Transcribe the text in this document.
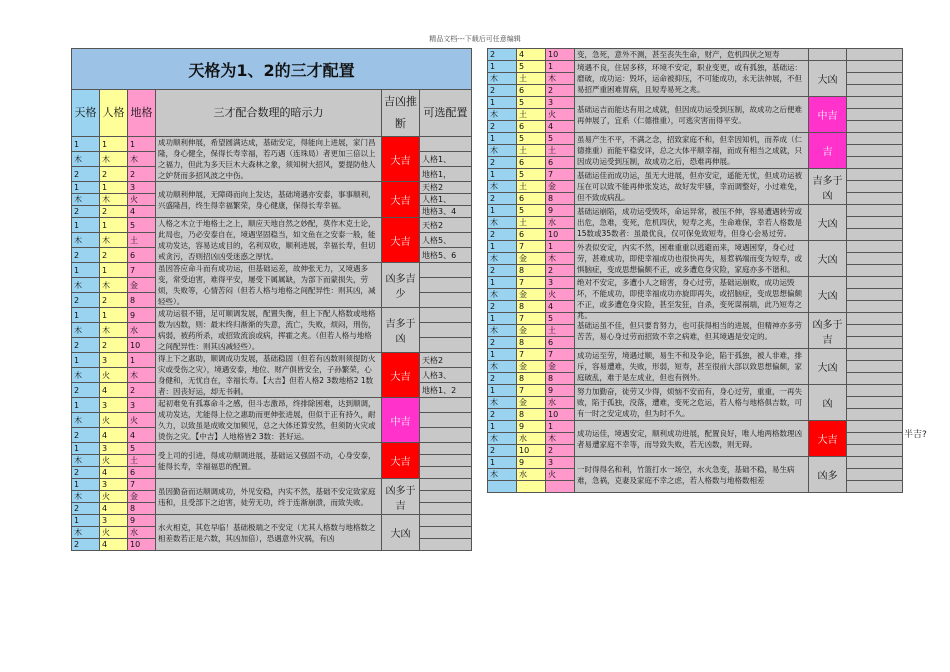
精品文档---下载后可任意编辑
天格为1、2的三才配置					
天格	人格	地格	三才配合数理的暗示力	吉凶推断	可选配置
1	1	1	成功顺利伸展，希望圆满达成，基础安定，得能向上进展，家门昌隆，身心健全，保得长寿幸福，若巧遇（连珠局）者更加三倍以上之福力，但此为多天巨木大森林之象，须知树大招风，要提防他人之妒贤而多招风波之中伤。	大吉	
木	木	木			人格1、
2	2	2			地格1，
1	1	3	成功顺利伸展，无障碍而向上发达，基础境遇亦安泰，事事顺利，兴盛隆昌，终生得幸福繁荣，身心健康，保得长寿幸福。	大吉	天格2
木	木	火			人格1、
2	2	4			地格3、4
1	1	5	人格之木立于地格土之上，顺应天地自然之妙配，莫作木克土论，此局也，乃必安泰自在，境遇坚固稳当，如文鱼在之安泰一般，能成功发达，容易达成目的，名利双收，顺利进展，幸福长寿，但切戒贪污，否则招凶凶受迷惑之厚忧。	大吉	天格2
木	木	土			人格5、
2	2	6			地格5、6
1	1	7	虽因答应命斗而有成功运，但基础运差，故伸张无力，又境遇多变，常受迫害，难得平安，屡受下属属缺，为部下而蒙损失，劳烦，失败等，心情苦闷（但若人格与地格之间配异性：则其凶，减轻些）。	凶多吉少	
木	木	金			
2	2	8			
1	1	9	成功运很不错，足可顺调发展，配置失衡，但上下配人格数或地格数为凶数，则：最末终归渐渐的失意，流亡，失败，烦闷，刑伤，病弱，被药所杀，或招致流浪或病，挥霍之兆。（但若人格与地格之间配异性：则其凶减轻些）。	吉多于凶	
木	木	水			
2	2	10			
1	3	1	得上下之惠助，顺调成功发展，基础稳固（但若有凶数则须提防火灾或受伤之灾），境遇安泰，地位、财产俱皆安全，子孙繁荣，心身健和，无忧自在，幸福长寿。【大吉】但若人格2 3数地格2 1数者：因丧好运，却无书刺。	大吉	天格2
木	火	木			人格3、
2	4	2			地格1、2
1	3	3	起初难免有孤寡命斗之感，但斗志激昂，终排除困难，达到顺调，成功发达，尤能得上位之惠助而更伸张进展，但似于正有持久，耐久力，以致虽是成败交加频见，总之大体还算安然，但须防火灾或烫伤之灾。【中吉】人地格皆2 3数：甚好运。	中吉	
木	火	火			
2	4	4			
1	3	5	受上司的引进，得成功顺调进展，基础运又强固不动，心身安泰，能得长寿，幸福福思的配置。	大吉	
木	火	土			
2	4	6			
1	3	7	虽因勤奋而达顺调成功，外见安稳，内实不然，基础不安定致家庭违和，且受部下之迫害，徒劳无功，终于连渐崩溃，而致失败。	凶多于吉	
木	火	金			
2	4	8			
1	3	9	水火相克，其危早临！基础极端之不安定（尤其人格数与地格数之相差数若正是六数，其凶加倍），恐遇意外灾祸，有凶	大凶	
木	火	水			
2	4	10			
2	4	10	变，急死，意外不测，甚至丧失生命，财产，危机四伏之短寿		

1	5	1	境遇不良，住居多移，环境不安定，职业变更，或有孤独，基础运：磨破，成功运：毁坏，运命被抑压，不可能成功，永无法伸展，不但易招严重困难胃病，且短寿易死之兆。	大凶	
木	土	木			
2	6	2			
1	5	3	基础运吉而能达有用之成就，但因成功运受到压制，故成功之后便难再伸展了，宜系（仁德推重），可逃灾害而得平安。	中吉	
木	土	火			
2	6	4			
1	5	5	虽易产生不平，不满之念，招致家庭不和，但幸因知机，而养成（仁德推重）而能平稳安详，总之大体平顺幸福，而成有相当之成就，只因成功运受到压制，故成功之后，恐难再伸展。	吉	
木	土	土			
2	6	6			
1	5	7	基础运佳而成功运，虽无大进展，但亦安定，遥能无忧，但成功运被压在可以致不能再伸张发达，故好发牢骚，幸而调整好，小过难免，但不致成病乱。	吉多于凶	
木	土	金			
2	6	8			
1	5	9	基础运崩陷，成功运受毁坏，命运异常，被压不伸，容易遭遇转劳或出危，急难，变死，危机四伏，短寿之兆，生命难保，幸若人格数是15数或35数者：虽最优良，仅可保免致短寿，但身心会易过劳。	大凶	
木	土	水			
2	6	10			
1	7	1	外表似安定，内实不然，困难重重以逃避而来，境遇困穿，身心过劳，甚难成功，即使幸福成功也很快再失，易惹祸端而变为短寿，或惧脑症，变成思想偏颇不正，或多遭危身灾险，家庭亦多不谐和。	大凶	
木	金	木			
2	8	2			
1	7	3	绝对不安定，多遭小人之暗害，身心过劳，基础运崩败，成功运毁坏，不能成功，即使幸福成功亦旋即再失，或招脑症，变成思想偏颇不正，或多遭危身灾险，甚至发狂，自杀，变死谋祸端，此乃短寿之兆。	大凶	
木	金	火			
2	8	4			
1	7	5	基础运虽不佳，但只要肯努力，也可获得相当的进展，但精神亦多劳苦苦，易心身过劳而招致不幸之病难，但其境遇是安定的。	凶多于吉	
木	金	土			
2	8	6			
1	7	7	成功运至劳，境遇过顺，易生不和及争论，陷于孤独，被人非难，排斥，容易遭难，失败，形弱，短寿，甚至很前大部以致思想偏颇，家庭破乱，难于是左成业，但也有例外。	大凶	
木	金	金			
2	8	8			
1	7	9	努力加勤奋，徒劳又少得，烦恼不安而有，身心过劳，重重，一再失败，陷于孤独，没落，遭难，变死之危运，若人格与地格俱吉数，可有一时之安定成功，但为时不久。	凶	
木	金	水			
2	8	10			
1	9	1	成功运佳，境遇安定，顺利成功进展，配置良好，唯人地两格数理凶者易遭家庭不幸等，而导致失败，若无凶数，则无碍。	大吉	
木	水	木			
2	10	2			
1	9	3	一时得得名和利，竹篮打水一场空，水火急变，基础不稳，易生病难，急祸，克妻及家庭不幸之虑，若人格数与地格数相差	凶多	
木	水	火			

半吉?
